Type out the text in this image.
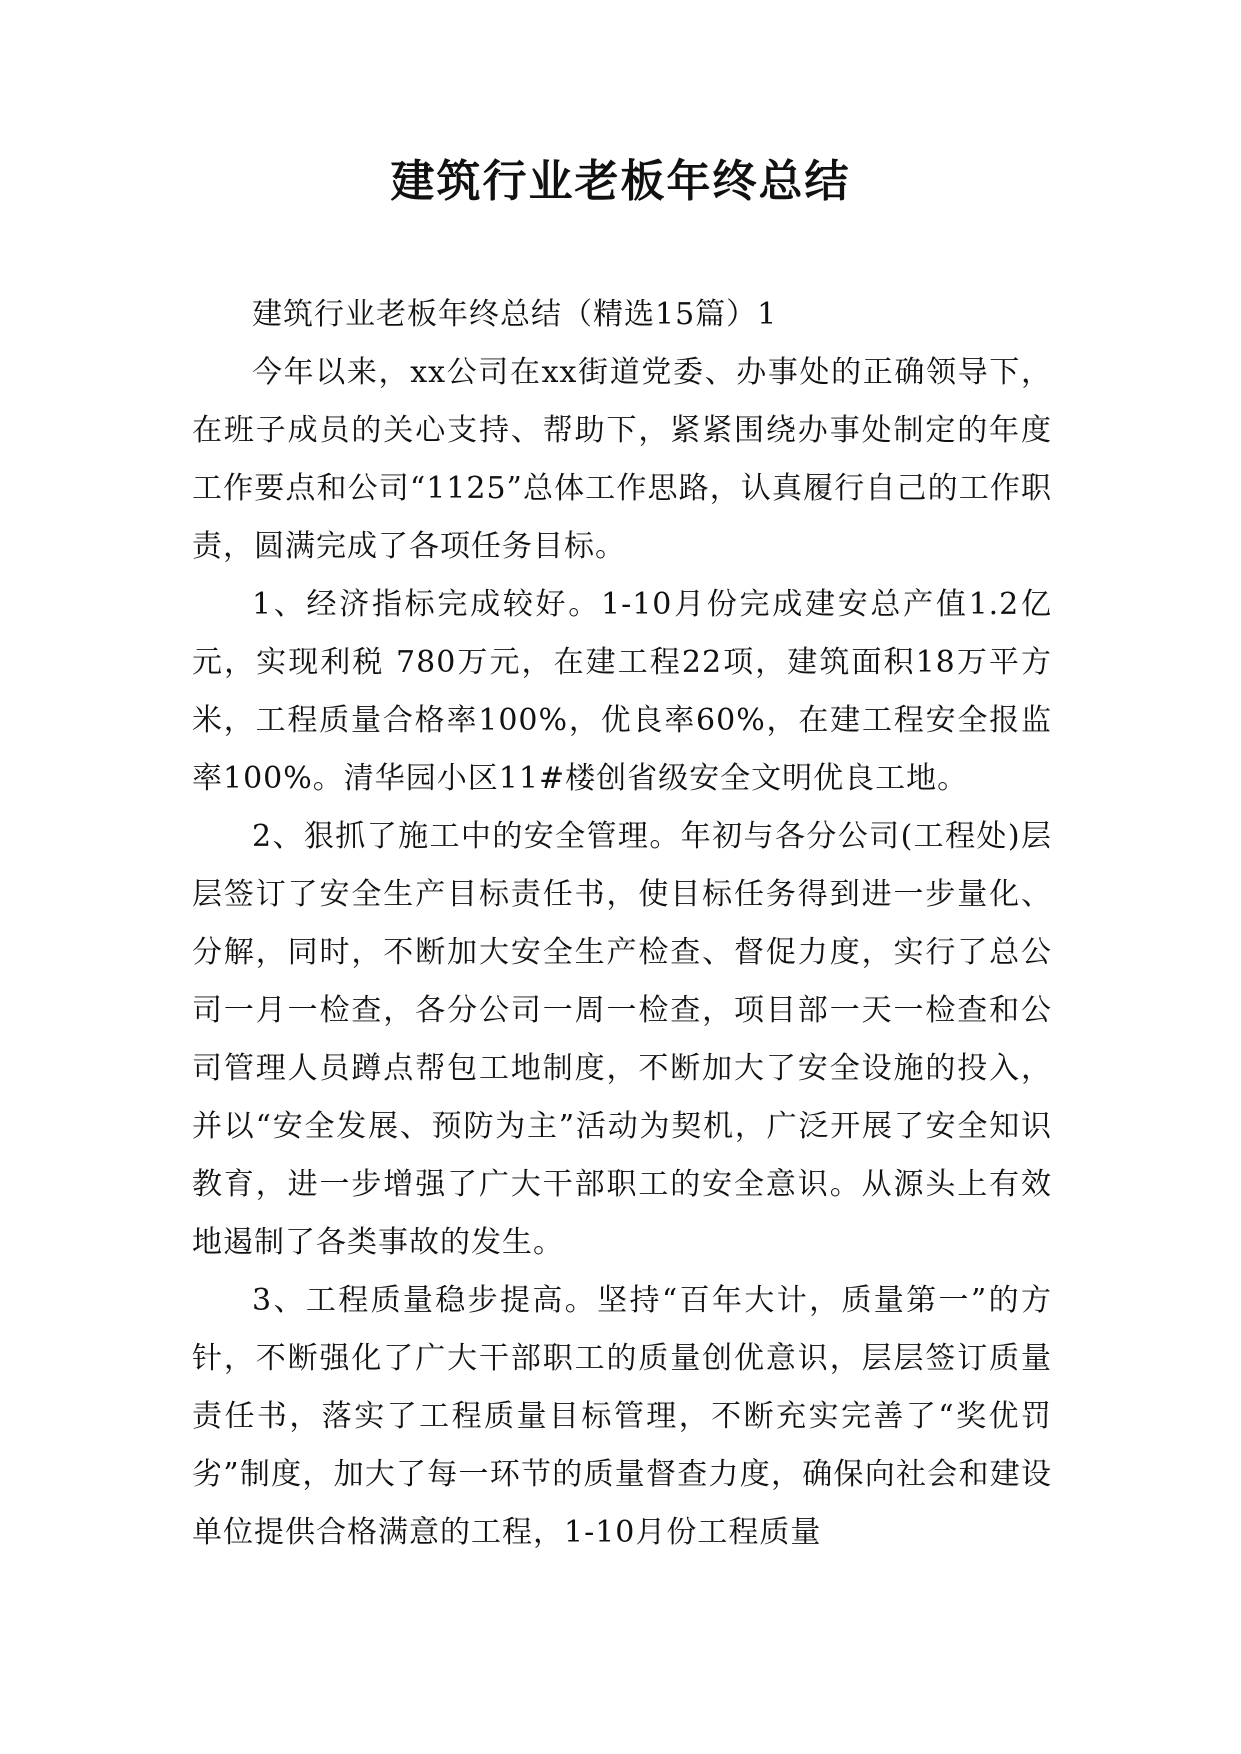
建筑行业老板年终总结

建筑行业老板年终总结（精选15篇）1

今年以来，xx公司在xx街道党委、办事处的正确领导下，在班子成员的关心支持、帮助下，紧紧围绕办事处制定的年度工作要点和公司“1125”总体工作思路，认真履行自己的工作职责，圆满完成了各项任务目标。

1、经济指标完成较好。1-10月份完成建安总产值1.2亿元，实现利税 780万元，在建工程22项，建筑面积18万平方米，工程质量合格率100%，优良率60%，在建工程安全报监率100%。清华园小区11#楼创省级安全文明优良工地。

2、狠抓了施工中的安全管理。年初与各分公司(工程处)层层签订了安全生产目标责任书，使目标任务得到进一步量化、分解，同时，不断加大安全生产检查、督促力度，实行了总公司一月一检查，各分公司一周一检查，项目部一天一检查和公司管理人员蹲点帮包工地制度，不断加大了安全设施的投入，并以“安全发展、预防为主”活动为契机，广泛开展了安全知识教育，进一步增强了广大干部职工的安全意识。从源头上有效地遏制了各类事故的发生。

3、工程质量稳步提高。坚持“百年大计，质量第一”的方针，不断强化了广大干部职工的质量创优意识，层层签订质量责任书，落实了工程质量目标管理，不断充实完善了“奖优罚劣”制度，加大了每一环节的质量督查力度，确保向社会和建设单位提供合格满意的工程，1-10月份工程质量
